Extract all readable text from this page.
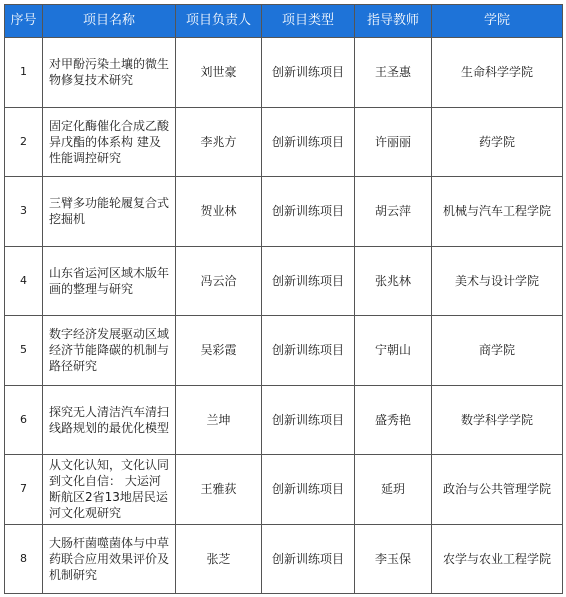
序号	项目名称	项目负责人	项目类型	指导教师	学院
1	对甲酚污染土壤的微生物修复技术研究	刘世豪	创新训练项目	王圣惠	生命科学学院
2	固定化酶催化合成乙酸异戊酯的体系构 建及性能调控研究	李兆方	创新训练项目	许丽丽	药学院
3	三臂多功能轮履复合式挖掘机	贺业林	创新训练项目	胡云萍	机械与汽车工程学院
4	山东省运河区域木版年画的整理与研究	冯云洽	创新训练项目	张兆林	美术与设计学院
5	数字经济发展驱动区域经济节能降碳的机制与路径研究	吴彩霞	创新训练项目	宁朝山	商学院
6	探究无人清洁汽车清扫线路规划的最优化模型	兰坤	创新训练项目	盛秀艳	数学科学学院
7	从文化认知，文化认同到文化自信： 大运河断航区2省13地居民运河文化观研究	王雅荻	创新训练项目	延玥	政治与公共管理学院
8	大肠杆菌噬菌体与中草药联合应用效果评价及机制研究	张芝	创新训练项目	李玉保	农学与农业工程学院
